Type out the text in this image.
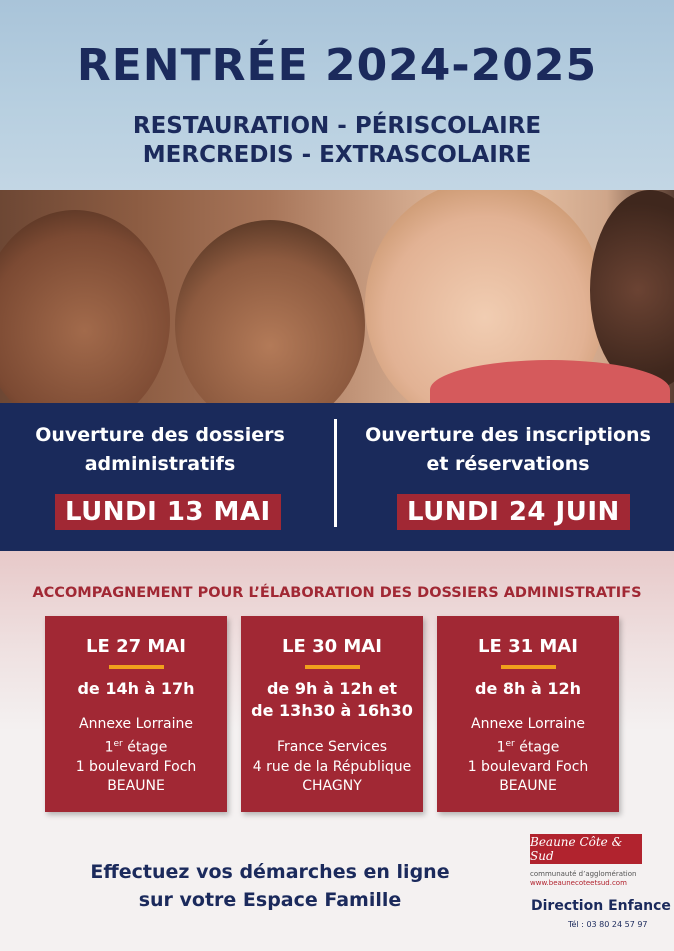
RENTRÉE 2024-2025
RESTAURATION - PÉRISCOLAIRE
MERCREDIS - EXTRASCOLAIRE
Ouverture des dossiers
administratifs
Ouverture des inscriptions
et réservations
LUNDI 13 MAI	LUNDI 24 JUIN
ACCOMPAGNEMENT POUR L’ÉLABORATION DES DOSSIERS ADMINISTRATIFS
LE 27 MAI
de 14h à 17h
Annexe Lorraine
1er étage
1 boulevard Foch
BEAUNE
LE 30 MAI
de 9h à 12h et
de 13h30 à 16h30
France Services
4 rue de la République
CHAGNY
LE 31 MAI
de 8h à 12h
Annexe Lorraine
1er étage
1 boulevard Foch
BEAUNE
Effectuez vos démarches en ligne
sur votre Espace Famille
Beaune Côte & Sud
communauté d’agglomération
www.beaunecoteetsud.com
Direction Enfance
Tél : 03 80 24 57 97
